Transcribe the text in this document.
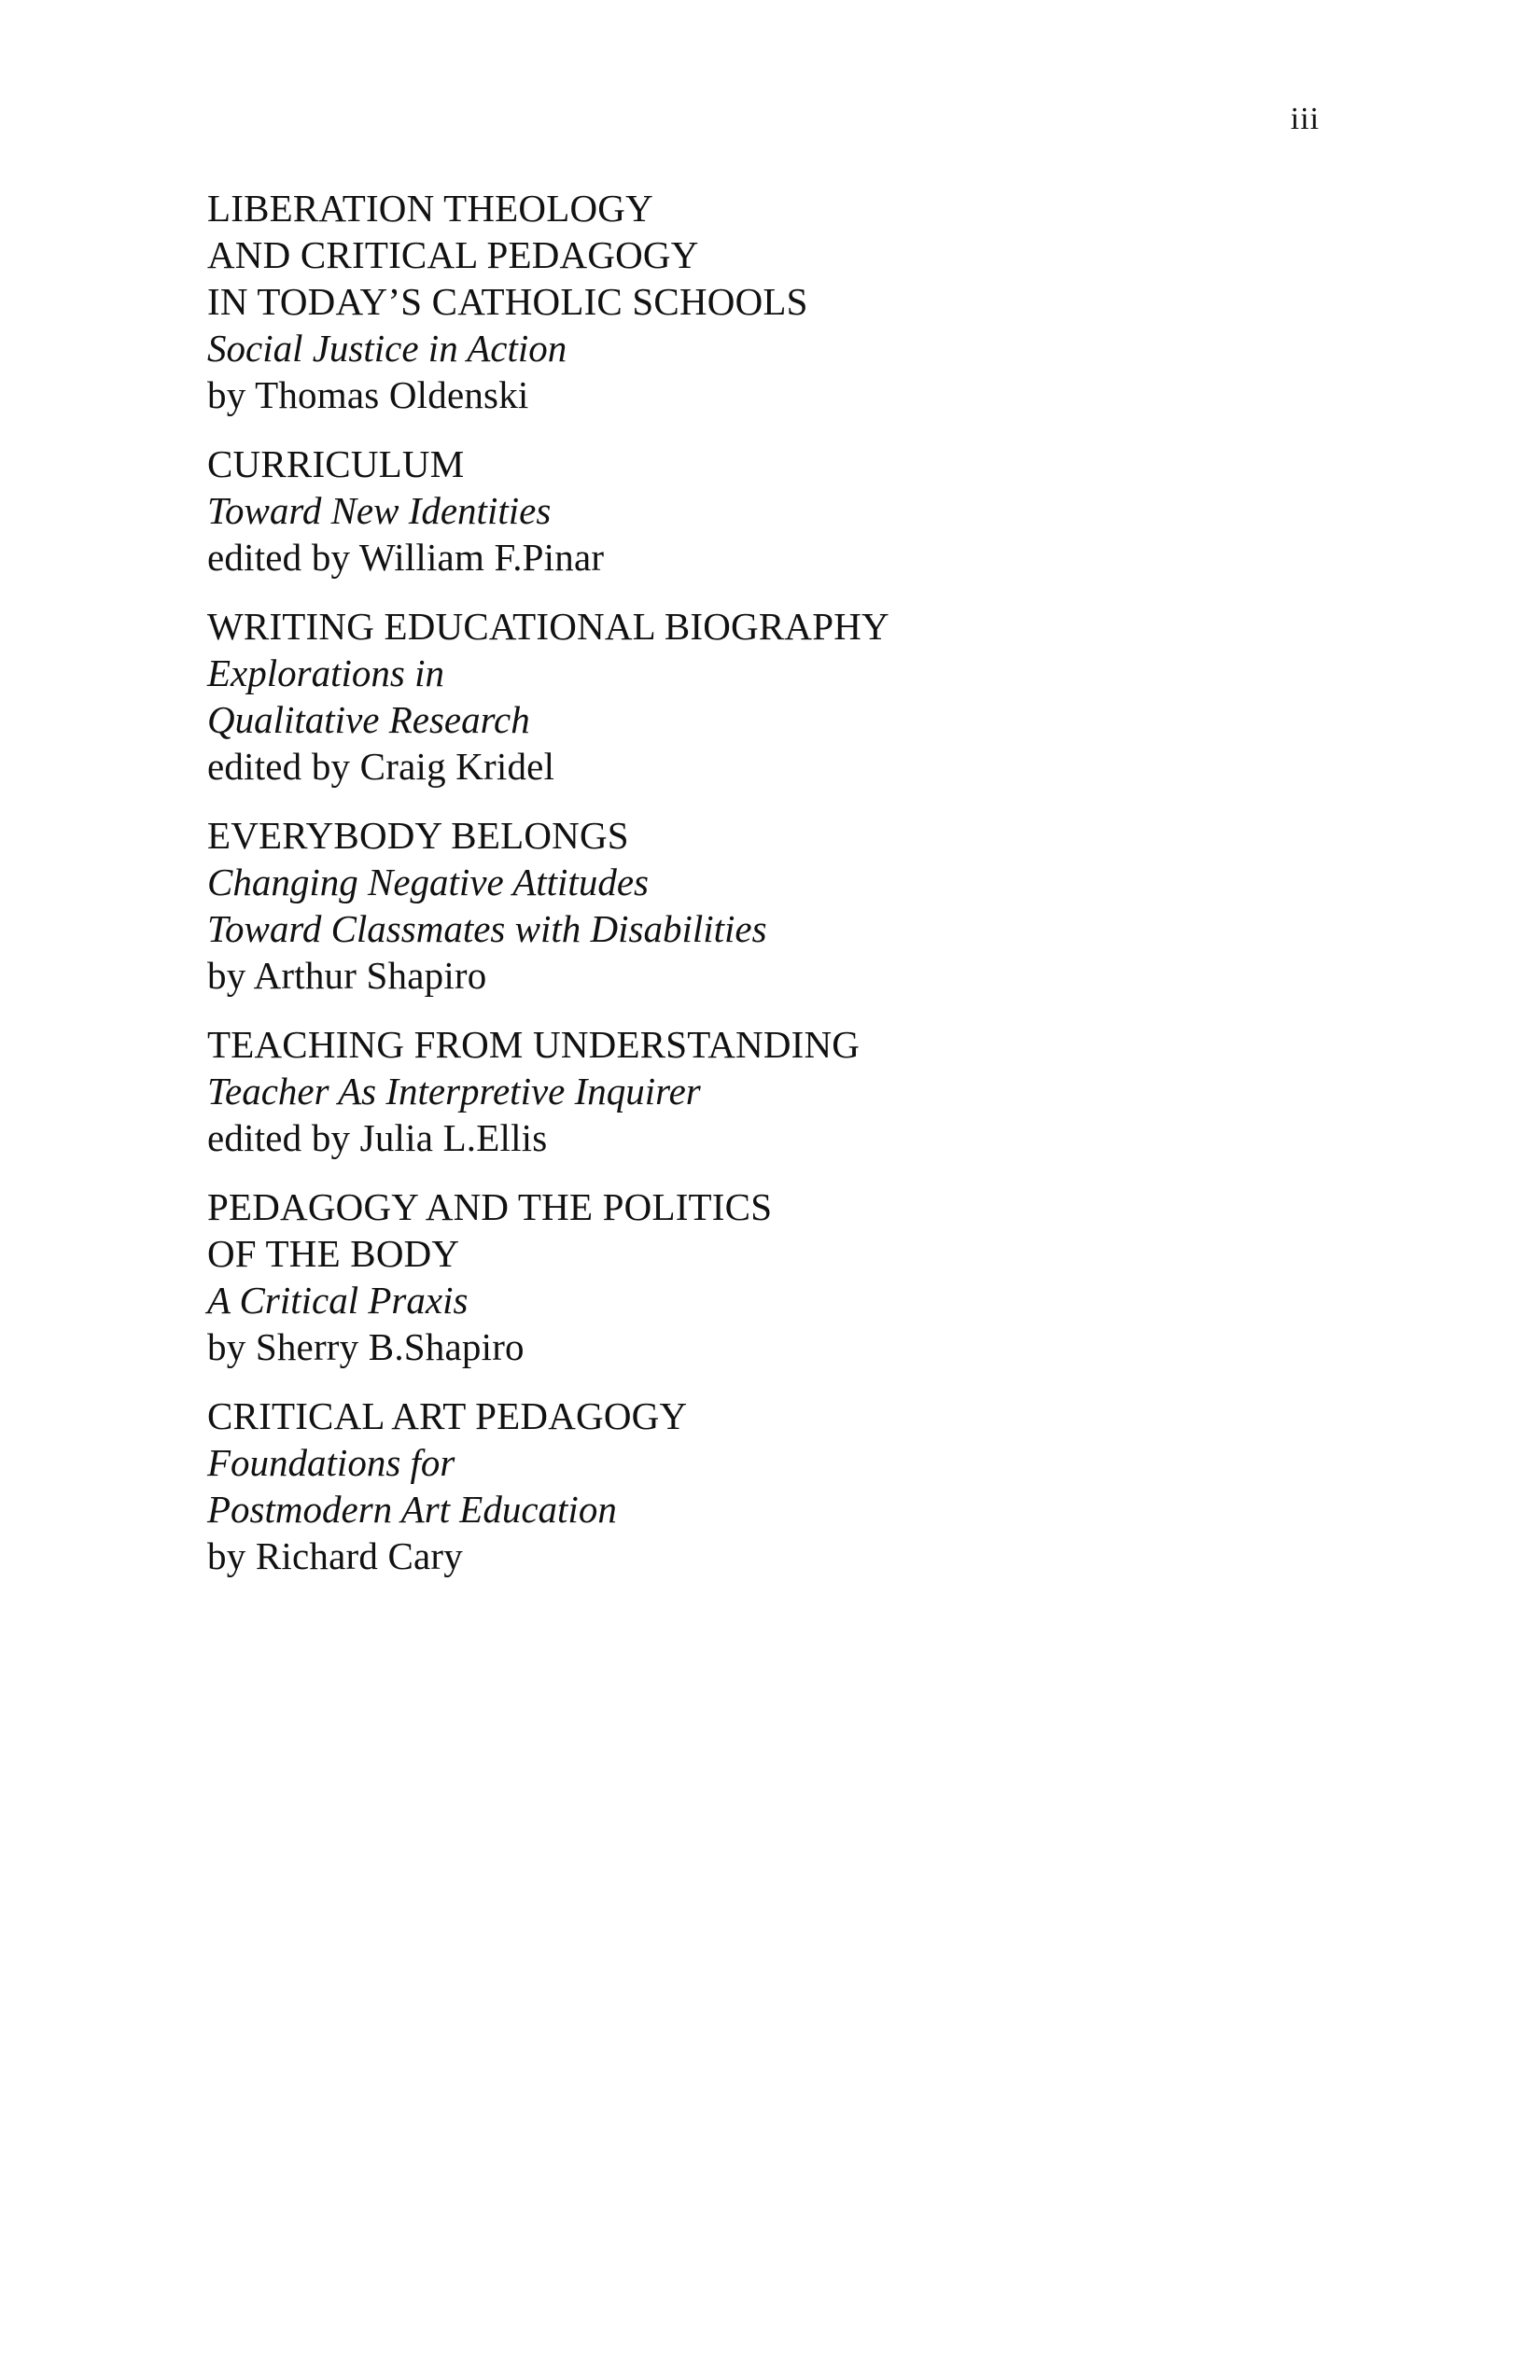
iii
LIBERATION THEOLOGY
AND CRITICAL PEDAGOGY
IN TODAY’S CATHOLIC SCHOOLS
Social Justice in Action
by Thomas Oldenski
CURRICULUM
Toward New Identities
edited by William F.Pinar
WRITING EDUCATIONAL BIOGRAPHY
Explorations in
Qualitative Research
edited by Craig Kridel
EVERYBODY BELONGS
Changing Negative Attitudes
Toward Classmates with Disabilities
by Arthur Shapiro
TEACHING FROM UNDERSTANDING
Teacher As Interpretive Inquirer
edited by Julia L.Ellis
PEDAGOGY AND THE POLITICS
OF THE BODY
A Critical Praxis
by Sherry B.Shapiro
CRITICAL ART PEDAGOGY
Foundations for
Postmodern Art Education
by Richard Cary
